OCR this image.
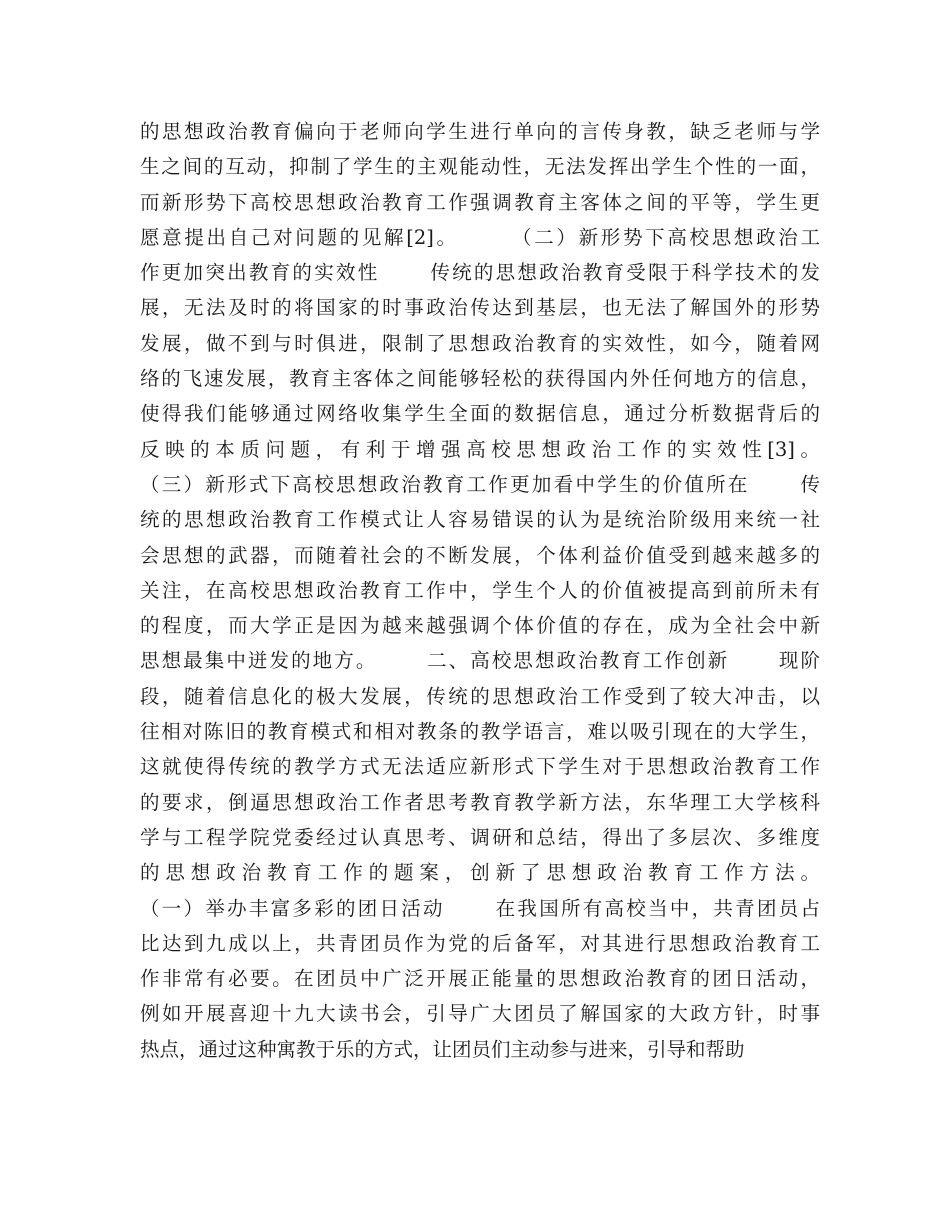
的思想政治教育偏向于老师向学生进行单向的言传身教，缺乏老师与学
生之间的互动，抑制了学生的主观能动性，无法发挥出学生个性的一面，
而新形势下高校思想政治教育工作强调教育主客体之间的平等，学生更
愿意提出自己对问题的见解[2]。      （二）新形势下高校思想政治工
作更加突出教育的实效性      传统的思想政治教育受限于科学技术的发
展，无法及时的将国家的时事政治传达到基层，也无法了解国外的形势
发展，做不到与时俱进，限制了思想政治教育的实效性，如今，随着网
络的飞速发展，教育主客体之间能够轻松的获得国内外任何地方的信息，
使得我们能够通过网络收集学生全面的数据信息，通过分析数据背后的
反映的本质问题，有利于增强高校思想政治工作的实效性[3]。
（三）新形式下高校思想政治教育工作更加看中学生的价值所在      传
统的思想政治教育工作模式让人容易错误的认为是统治阶级用来统一社
会思想的武器，而随着社会的不断发展，个体利益价值受到越来越多的
关注，在高校思想政治教育工作中，学生个人的价值被提高到前所未有
的程度，而大学正是因为越来越强调个体价值的存在，成为全社会中新
思想最集中迸发的地方。      二、高校思想政治教育工作创新      现阶
段，随着信息化的极大发展，传统的思想政治工作受到了较大冲击，以
往相对陈旧的教育模式和相对教条的教学语言，难以吸引现在的大学生，
这就使得传统的教学方式无法适应新形式下学生对于思想政治教育工作
的要求，倒逼思想政治工作者思考教育教学新方法，东华理工大学核科
学与工程学院党委经过认真思考、调研和总结，得出了多层次、多维度
的思想政治教育工作的题案，创新了思想政治教育工作方法。
（一）举办丰富多彩的团日活动      在我国所有高校当中，共青团员占
比达到九成以上，共青团员作为党的后备军，对其进行思想政治教育工
作非常有必要。在团员中广泛开展正能量的思想政治教育的团日活动，
例如开展喜迎十九大读书会，引导广大团员了解国家的大政方针，时事
热点，通过这种寓教于乐的方式，让团员们主动参与进来，引导和帮助
